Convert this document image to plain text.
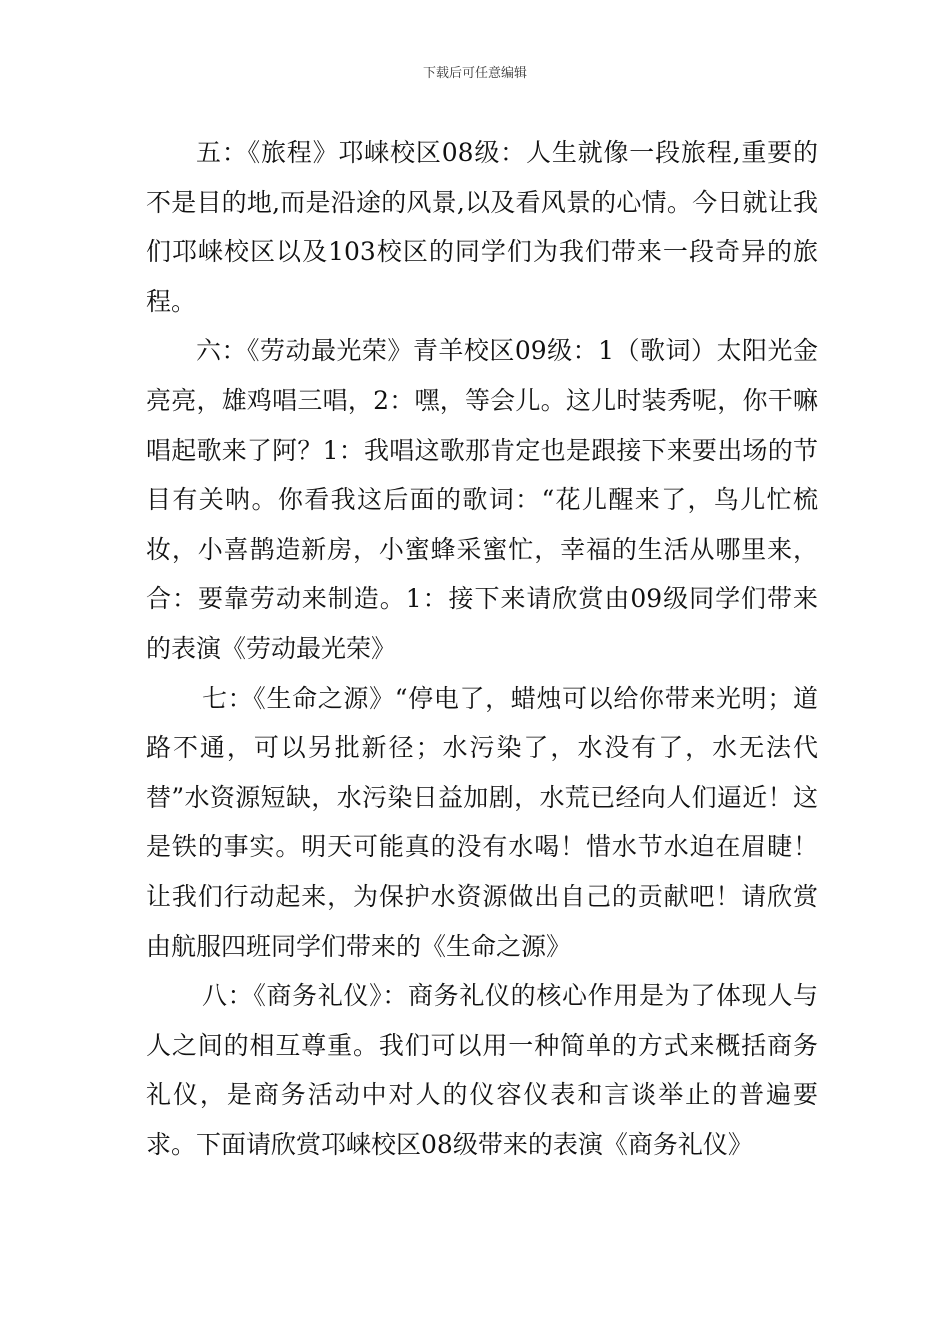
下载后可任意编辑

五：《旅程》邛崃校区08级：人生就像一段旅程,重要的不是目的地,而是沿途的风景,以及看风景的心情。今日就让我们邛崃校区以及103校区的同学们为我们带来一段奇异的旅程。

六：《劳动最光荣》青羊校区09级：1（歌词）太阳光金亮亮，雄鸡唱三唱，2：嘿，等会儿。这儿时装秀呢，你干嘛唱起歌来了阿？1：我唱这歌那肯定也是跟接下来要出场的节目有关呐。你看我这后面的歌词：“花儿醒来了，鸟儿忙梳妆，小喜鹊造新房，小蜜蜂采蜜忙，幸福的生活从哪里来，合：要靠劳动来制造。1：接下来请欣赏由09级同学们带来的表演《劳动最光荣》

七：《生命之源》“停电了，蜡烛可以给你带来光明；道路不通，可以另批新径；水污染了，水没有了，水无法代替”水资源短缺，水污染日益加剧，水荒已经向人们逼近！这是铁的事实。明天可能真的没有水喝！惜水节水迫在眉睫！让我们行动起来，为保护水资源做出自己的贡献吧！请欣赏由航服四班同学们带来的《生命之源》

八：《商务礼仪》：商务礼仪的核心作用是为了体现人与人之间的相互尊重。我们可以用一种简单的方式来概括商务礼仪，是商务活动中对人的仪容仪表和言谈举止的普遍要求。下面请欣赏邛崃校区08级带来的表演《商务礼仪》
